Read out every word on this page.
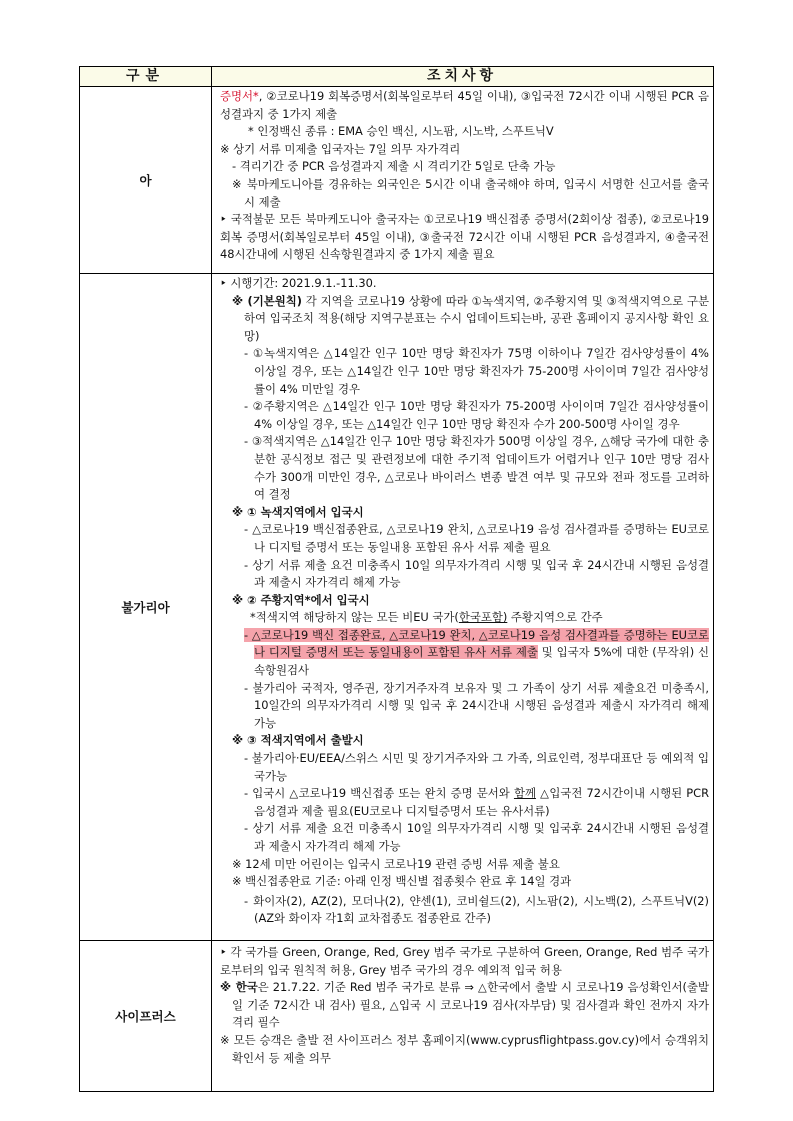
구분	조치사항
아

증명서*, ②코로나19 회복증명서(회복일로부터 45일 이내), ③입국전 72시간 이내 시행된 PCR 음성결과지 중 1가지 제출

* 인정백신 종류 : EMA 승인 백신, 시노팜, 시노박, 스푸트닉V

※ 상기 서류 미제출 입국자는 7일 의무 자가격리

- 격리기간 중 PCR 음성결과지 제출 시 격리기간 5일로 단축 가능

※ 북마케도니아를 경유하는 외국인은 5시간 이내 출국해야 하며, 입국시 서명한 신고서를 출국시 제출

‣ 국적불문 모든 북마케도니아 출국자는 ①코로나19 백신접종 증명서(2회이상 접종), ②코로나19 회복 증명서(회복일로부터 45일 이내), ③출국전 72시간 이내 시행된 PCR 음성결과지, ④출국전 48시간내에 시행된 신속항원결과지 중 1가지 제출 필요

불가리아

‣ 시행기간: 2021.9.1.-11.30.

※ (기본원칙) 각 지역을 코로나19 상황에 따라 ①녹색지역, ②주황지역 및 ③적색지역으로 구분하여 입국조치 적용(해당 지역구분표는 수시 업데이트되는바, 공관 홈페이지 공지사항 확인 요망)

- ①녹색지역은 △14일간 인구 10만 명당 확진자가 75명 이하이나 7일간 검사양성률이 4% 이상일 경우, 또는 △14일간 인구 10만 명당 확진자가 75-200명 사이이며 7일간 검사양성률이 4% 미만일 경우

- ②주황지역은 △14일간 인구 10만 명당 확진자가 75-200명 사이이며 7일간 검사양성률이 4% 이상일 경우, 또는 △14일간 인구 10만 명당 확진자 수가 200-500명 사이일 경우

- ③적색지역은 △14일간 인구 10만 명당 확진자가 500명 이상일 경우, △해당 국가에 대한 충분한 공식정보 접근 및 관련정보에 대한 주기적 업데이트가 어렵거나 인구 10만 명당 검사 수가 300개 미만인 경우, △코로나 바이러스 변종 발견 여부 및 규모와 전파 정도를 고려하여 결정

※ ① 녹색지역에서 입국시

- △코로나19 백신접종완료, △코로나19 완치, △코로나19 음성 검사결과를 증명하는 EU코로나 디지털 증명서 또는 동일내용 포함된 유사 서류 제출 필요

- 상기 서류 제출 요건 미충족시 10일 의무자가격리 시행 및 입국 후 24시간내 시행된 음성결과 제출시 자가격리 해제 가능

※ ② 주황지역*에서 입국시

*적색지역 해당하지 않는 모든 비EU 국가(한국포함) 주황지역으로 간주

- △코로나19 백신 접종완료, △코로나19 완치, △코로나19 음성 검사결과를 증명하는 EU코로나 디지털 증명서 또는 동일내용이 포함된 유사 서류 제출 및 입국자 5%에 대한 (무작위) 신속항원검사

- 불가리아 국적자, 영주권, 장기거주자격 보유자 및 그 가족이 상기 서류 제출요건 미충족시, 10일간의 의무자가격리 시행 및 입국 후 24시간내 시행된 음성결과 제출시 자가격리 해제 가능

※ ③ 적색지역에서 출발시

- 불가리아·EU/EEA/스위스 시민 및 장기거주자와 그 가족, 의료인력, 정부대표단 등 예외적 입국가능

- 입국시 △코로나19 백신접종 또는 완치 증명 문서와 함께 △입국전 72시간이내 시행된 PCR 음성결과 제출 필요(EU코로나 디지털증명서 또는 유사서류)

- 상기 서류 제출 요건 미충족시 10일 의무자가격리 시행 및 입국후 24시간내 시행된 음성결과 제출시 자가격리 해제 가능

※ 12세 미만 어린이는 입국시 코로나19 관련 증빙 서류 제출 불요

※ 백신접종완료 기준: 아래 인정 백신별 접종횟수 완료 후 14일 경과

- 화이자(2), AZ(2), 모더나(2), 얀센(1), 코비쉴드(2), 시노팜(2), 시노백(2), 스푸트닉V(2) (AZ와 화이자 각1회 교차접종도 접종완료 간주)

사이프러스

‣ 각 국가를 Green, Orange, Red, Grey 범주 국가로 구분하여 Green, Orange, Red 범주 국가로부터의 입국 원칙적 허용, Grey 범주 국가의 경우 예외적 입국 허용

※ 한국은 21.7.22. 기준 Red 범주 국가로 분류 ⇒ △한국에서 출발 시 코로나19 음성확인서(출발일 기준 72시간 내 검사) 필요, △입국 시 코로나19 검사(자부담) 및 검사결과 확인 전까지 자가격리 필수

※ 모든 승객은 출발 전 사이프러스 정부 홈페이지(www.cyprusflightpass.gov.cy)에서 승객위치확인서 등 제출 의무
